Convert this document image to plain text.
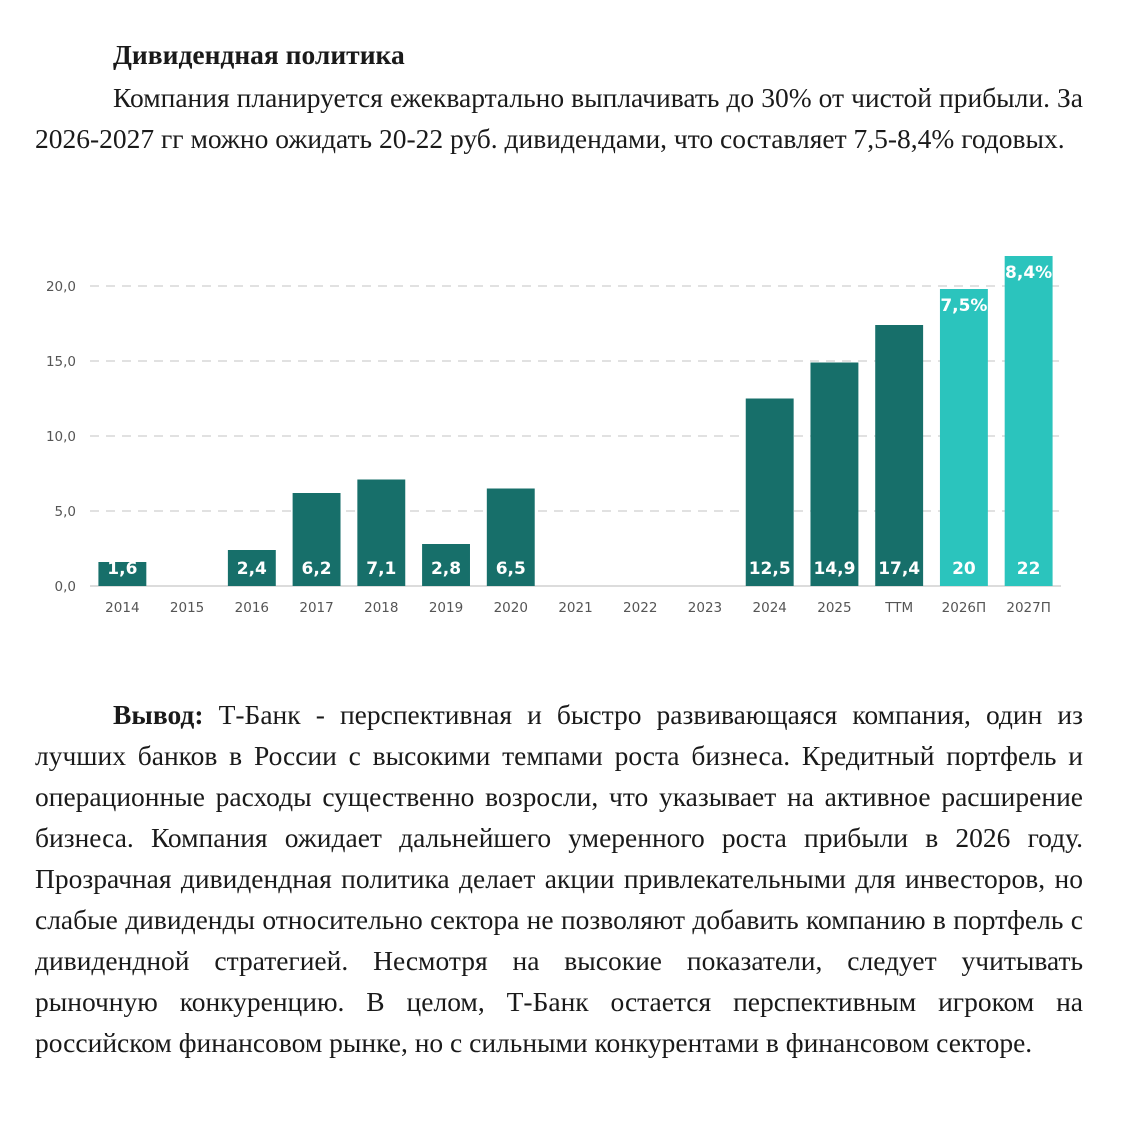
Дивидендная политика

Компания планируется ежеквартально выплачивать до 30% от чистой прибыли. За 2026-2027 гг можно ожидать 20-22 руб. дивидендами, что составляет 7,5-8,4% годовых.

0,0
5,0
10,0
15,0
20,0
1,6	2,4 6,2 7,1 2,8 6,5	12,5 14,9 17,4 20
7,5%
22
8,4%
2014 2015 2016 2017 2018 2019 2020 2021 2022 2023 2024 2025 TTM 2026П 2027П

Вывод: Т-Банк - перспективная и быстро развивающаяся компания, один из лучших банков в России с высокими темпами роста бизнеса. Кредитный портфель и операционные расходы существенно возросли, что указывает на активное расширение бизнеса. Компания ожидает дальнейшего умеренного роста прибыли в 2026 году. Прозрачная дивидендная политика делает акции привлекательными для инвесторов, но слабые дивиденды относительно сектора не позволяют добавить компанию в портфель с дивидендной стратегией. Несмотря на высокие показатели, следует учитывать рыночную конкуренцию. В целом, Т-Банк остается перспективным игроком на российском финансовом рынке, но с сильными конкурентами в финансовом секторе.
